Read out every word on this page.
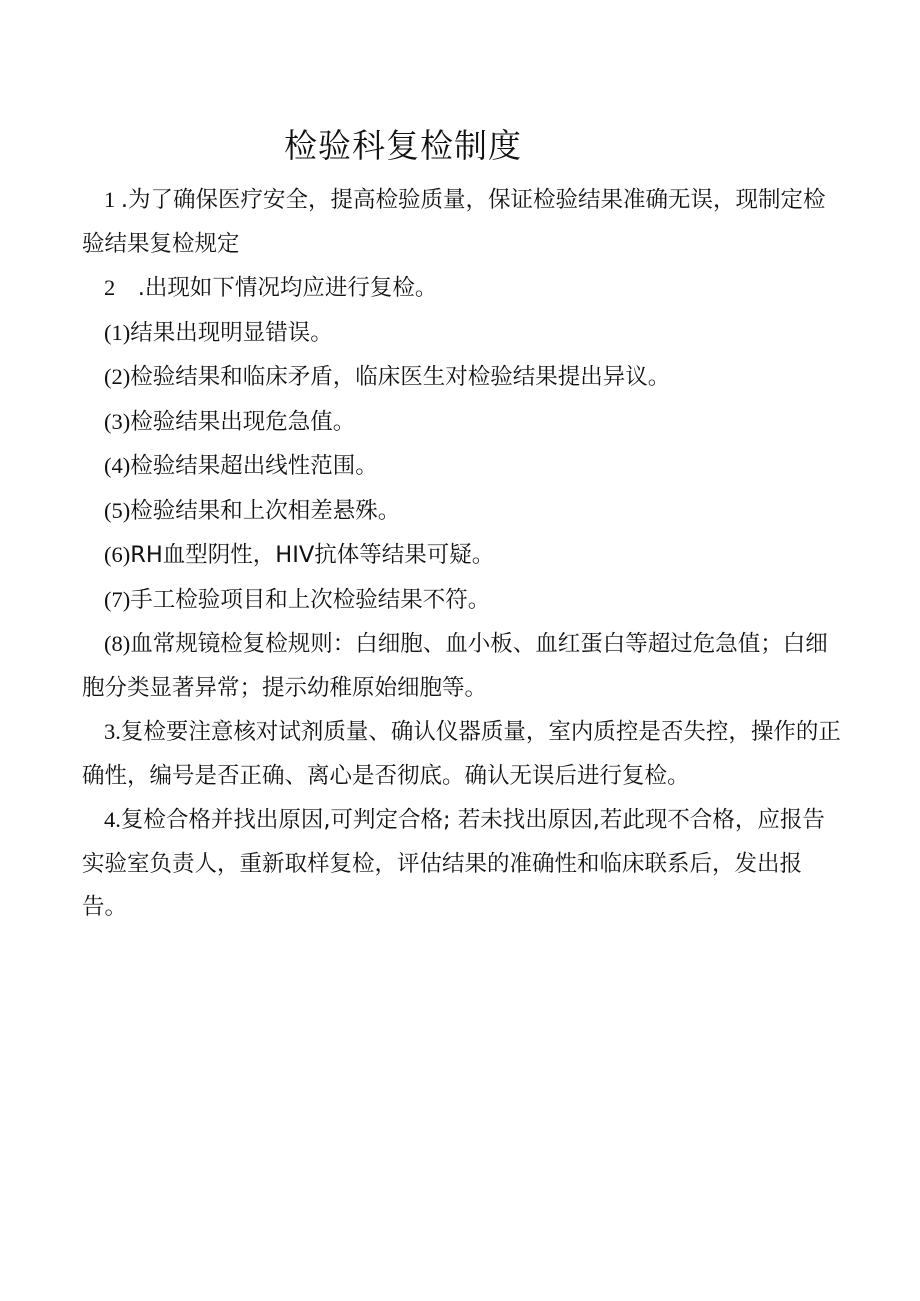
检验科复检制度

1 .为了确保医疗安全，提高检验质量，保证检验结果准确无误，现制定检验结果复检规定

2    .出现如下情况均应进行复检。

(1)结果出现明显错误。

(2)检验结果和临床矛盾，临床医生对检验结果提出异议。

(3)检验结果出现危急值。

(4)检验结果超出线性范围。

(5)检验结果和上次相差悬殊。

(6)RH血型阴性，HIV抗体等结果可疑。

(7)手工检验项目和上次检验结果不符。

(8)血常规镜检复检规则：白细胞、血小板、血红蛋白等超过危急值；白细胞分类显著异常；提示幼稚原始细胞等。

3.复检要注意核对试剂质量、确认仪器质量，室内质控是否失控，操作的正确性，编号是否正确、离心是否彻底。确认无误后进行复检。

4.复检合格并找出原因,可判定合格; 若未找出原因,若此现不合格，应报告实验室负责人，重新取样复检，评估结果的准确性和临床联系后，发出报告。
